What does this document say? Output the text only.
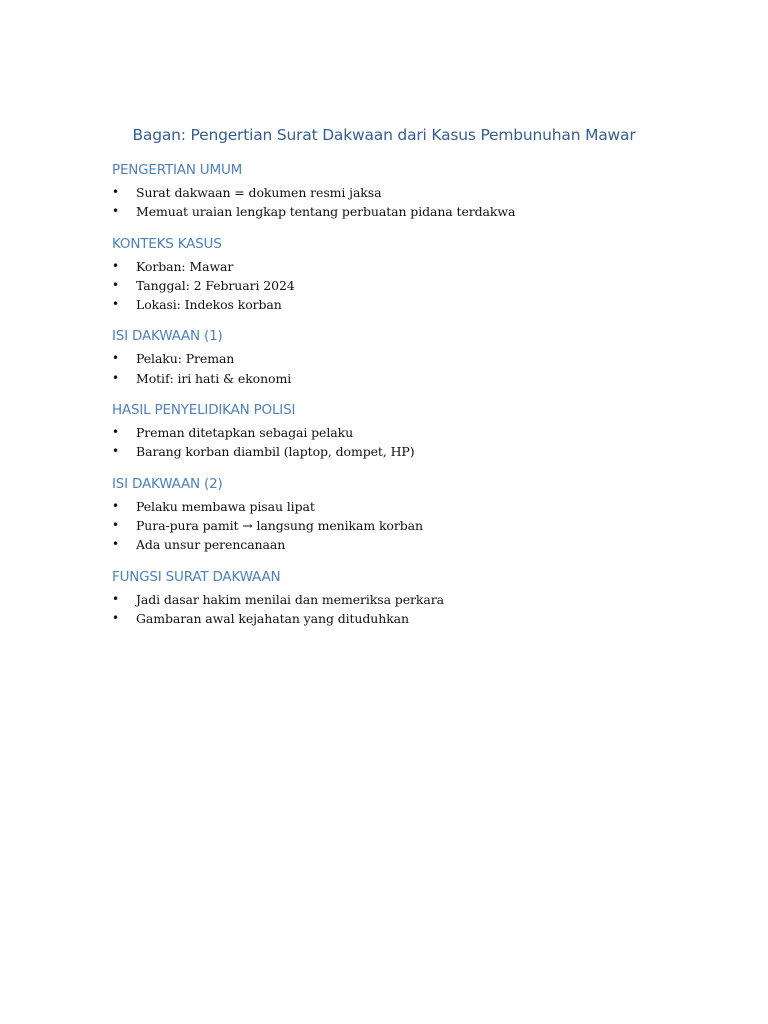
Bagan: Pengertian Surat Dakwaan dari Kasus Pembunuhan Mawar
PENGERTIAN UMUM
• Surat dakwaan = dokumen resmi jaksa
• Memuat uraian lengkap tentang perbuatan pidana terdakwa
KONTEKS KASUS
• Korban: Mawar
• Tanggal: 2 Februari 2024
• Lokasi: Indekos korban
ISI DAKWAAN (1)
• Pelaku: Preman
• Motif: iri hati & ekonomi
HASIL PENYELIDIKAN POLISI
• Preman ditetapkan sebagai pelaku
• Barang korban diambil (laptop, dompet, HP)
ISI DAKWAAN (2)
• Pelaku membawa pisau lipat
• Pura-pura pamit → langsung menikam korban
• Ada unsur perencanaan
FUNGSI SURAT DAKWAAN
• Jadi dasar hakim menilai dan memeriksa perkara
• Gambaran awal kejahatan yang dituduhkan
